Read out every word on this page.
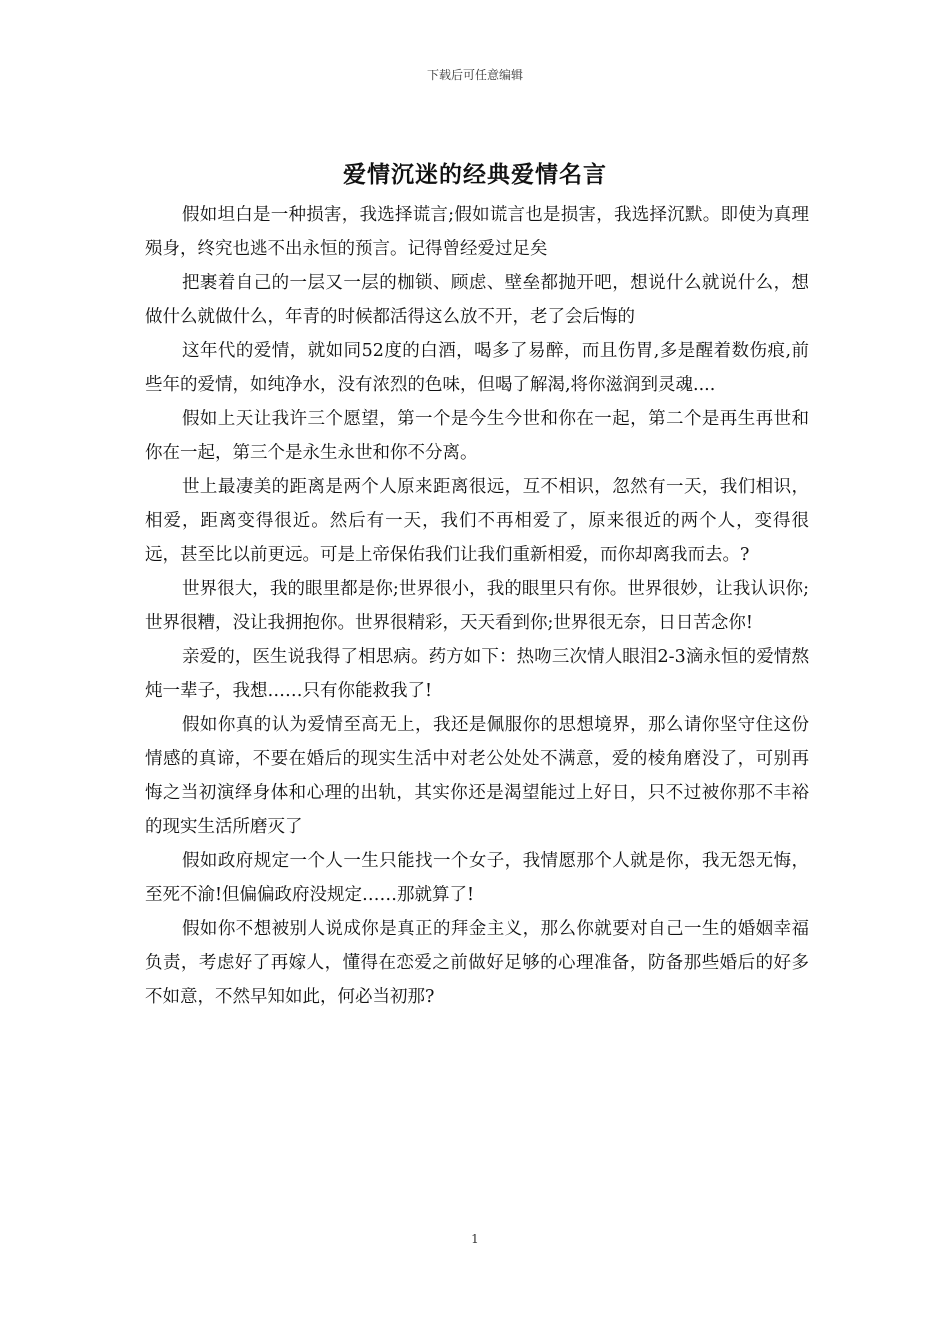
下载后可任意编辑
爱情沉迷的经典爱情名言

假如坦白是一种损害，我选择谎言;假如谎言也是损害，我选择沉默。即使为真理殒身，终究也逃不出永恒的预言。记得曾经爱过足矣

把裹着自己的一层又一层的枷锁、顾虑、壁垒都抛开吧，想说什么就说什么，想做什么就做什么，年青的时候都活得这么放不开，老了会后悔的

这年代的爱情，就如同52度的白酒，喝多了易醉，而且伤胃,多是醒着数伤痕,前些年的爱情，如纯净水，没有浓烈的色味，但喝了解渴,将你滋润到灵魂....

假如上天让我许三个愿望，第一个是今生今世和你在一起，第二个是再生再世和你在一起，第三个是永生永世和你不分离。

世上最凄美的距离是两个人原来距离很远，互不相识，忽然有一天，我们相识，相爱，距离变得很近。然后有一天，我们不再相爱了，原来很近的两个人，变得很远，甚至比以前更远。可是上帝保佑我们让我们重新相爱，而你却离我而去。?

世界很大，我的眼里都是你;世界很小，我的眼里只有你。世界很妙，让我认识你;世界很糟，没让我拥抱你。世界很精彩，天天看到你;世界很无奈，日日苦念你!

亲爱的，医生说我得了相思病。药方如下：热吻三次情人眼泪2-3滴永恒的爱情熬炖一辈子，我想……只有你能救我了!

假如你真的认为爱情至高无上，我还是佩服你的思想境界，那么请你坚守住这份情感的真谛，不要在婚后的现实生活中对老公处处不满意，爱的棱角磨没了，可别再悔之当初演绎身体和心理的出轨，其实你还是渴望能过上好日，只不过被你那不丰裕的现实生活所磨灭了

假如政府规定一个人一生只能找一个女子，我情愿那个人就是你，我无怨无悔，至死不渝!但偏偏政府没规定……那就算了!

假如你不想被别人说成你是真正的拜金主义，那么你就要对自己一生的婚姻幸福负责，考虑好了再嫁人，懂得在恋爱之前做好足够的心理准备，防备那些婚后的好多不如意，不然早知如此，何必当初那?

1
